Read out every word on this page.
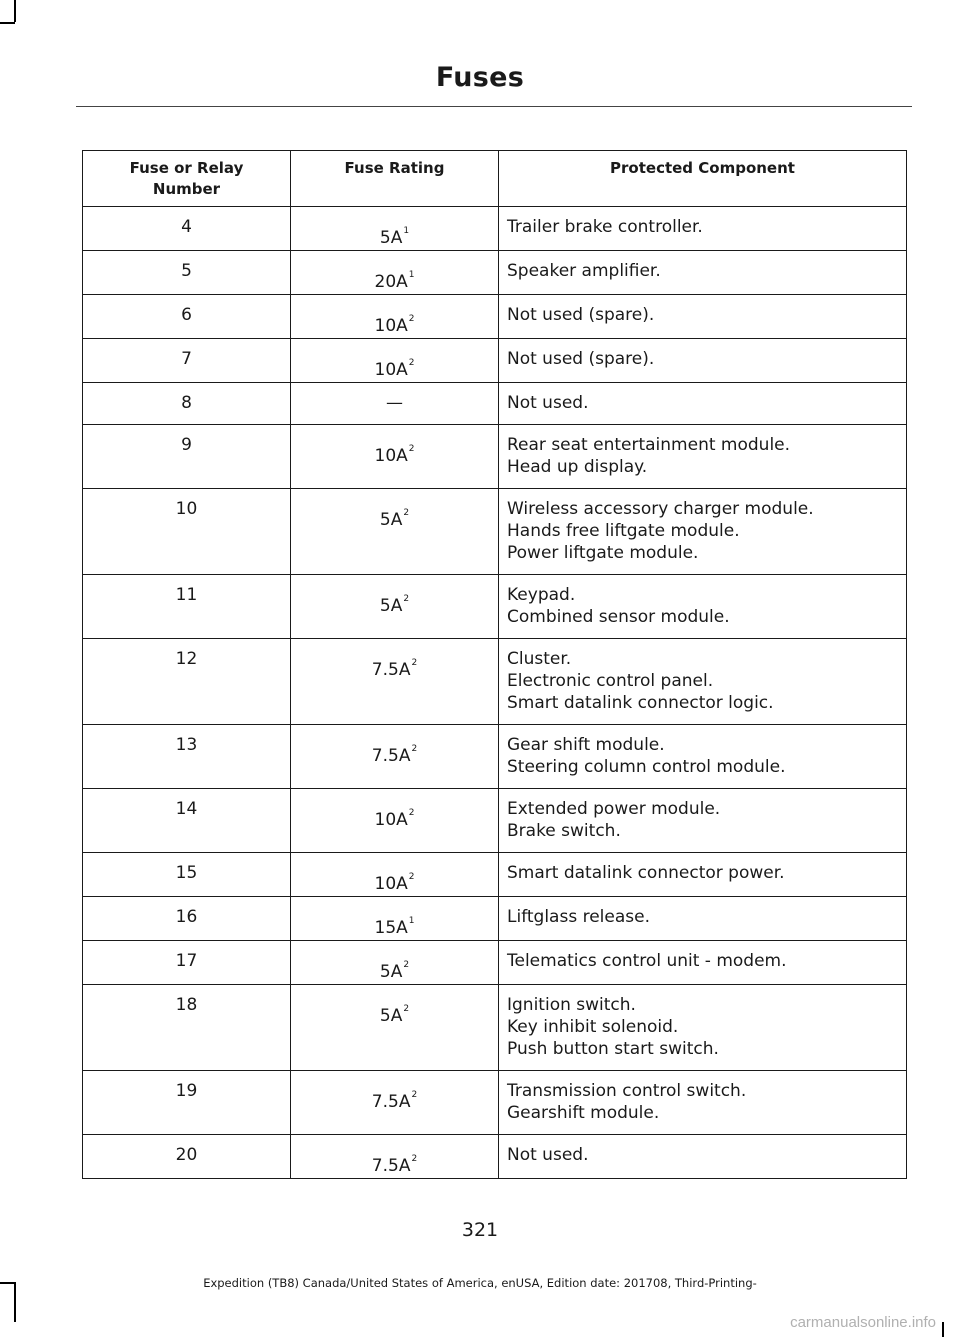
Fuses
Fuse or Relay Number	Fuse Rating	Protected Component
4	$5A^1$	Trailer brake controller.

5	$20A^1$	Speaker amplifier.

6	$10A^2$	Not used (spare).

7	$10A^2$	Not used (spare).

8	—	Not used.

9	$10A^2$	Rear seat entertainment module.
Head up display.

10	$5A^2$	Wireless accessory charger module.
Hands free liftgate module.
Power liftgate module.

11	$5A^2$	Keypad.
Combined sensor module.

12	$7.5A^2$	Cluster.
Electronic control panel.
Smart datalink connector logic.

13	$7.5A^2$	Gear shift module.
Steering column control module.

14	$10A^2$	Extended power module.
Brake switch.

15	$10A^2$	Smart datalink connector power.

16	$15A^1$	Liftglass release.

17	$5A^2$	Telematics control unit - modem.

18	$5A^2$	Ignition switch.
Key inhibit solenoid.
Push button start switch.

19	$7.5A^2$	Transmission control switch.
Gearshift module.

20	$7.5A^2$	Not used.
321
Expedition (TB8) Canada/United States of America, enUSA, Edition date: 201708, Third-Printing-
carmanualsonline.info
